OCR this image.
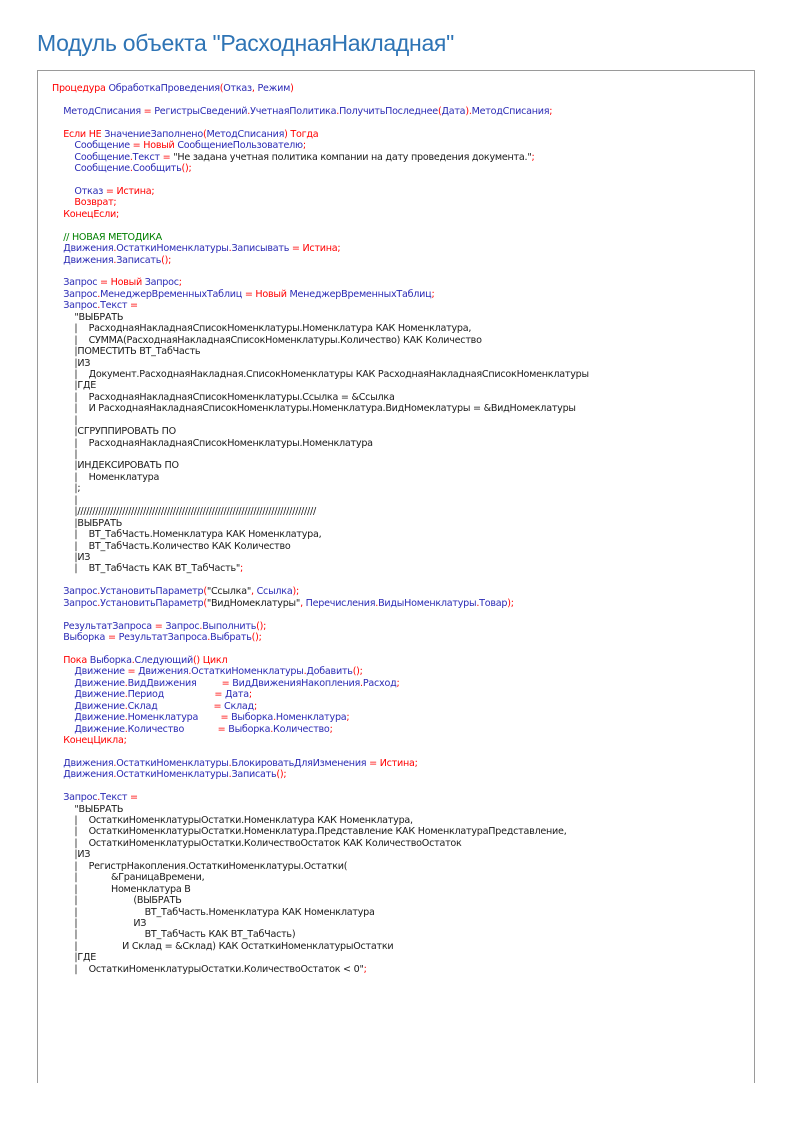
Модуль объекта "РасходнаяНакладная"
Процедура ОбработкаПроведения(Отказ, Режим)

МетодСписания = РегистрыСведений.УчетнаяПолитика.ПолучитьПоследнее(Дата).МетодСписания;

Если НЕ ЗначениеЗаполнено(МетодСписания) Тогда
Сообщение = Новый СообщениеПользователю;
Сообщение.Текст = "Не задана учетная политика компании на дату проведения документа.";
Сообщение.Сообщить();

Отказ = Истина;
Возврат;
КонецЕсли;

// НОВАЯ МЕТОДИКА
Движения.ОстаткиНоменклатуры.Записывать = Истина;
Движения.Записать();

Запрос = Новый Запрос;
Запрос.МенеджерВременныхТаблиц = Новый МенеджерВременныхТаблиц;
Запрос.Текст =
"ВЫБРАТЬ
|    РасходнаяНакладнаяСписокНоменклатуры.Номенклатура КАК Номенклатура,
|    СУММА(РасходнаяНакладнаяСписокНоменклатуры.Количество) КАК Количество
|ПОМЕСТИТЬ ВТ_ТабЧасть
|ИЗ
|    Документ.РасходнаяНакладная.СписокНоменклатуры КАК РасходнаяНакладнаяСписокНоменклатуры
|ГДЕ
|    РасходнаяНакладнаяСписокНоменклатуры.Ссылка = &Ссылка
|    И РасходнаяНакладнаяСписокНоменклатуры.Номенклатура.ВидНомеклатуры = &ВидНомеклатуры
|
|СГРУППИРОВАТЬ ПО
|    РасходнаяНакладнаяСписокНоменклатуры.Номенклатура
|
|ИНДЕКСИРОВАТЬ ПО
|    Номенклатура
|;
|
|////////////////////////////////////////////////////////////////////////////////
|ВЫБРАТЬ
|    ВТ_ТабЧасть.Номенклатура КАК Номенклатура,
|    ВТ_ТабЧасть.Количество КАК Количество
|ИЗ
|    ВТ_ТабЧасть КАК ВТ_ТабЧасть";

Запрос.УстановитьПараметр("Ссылка", Ссылка);
Запрос.УстановитьПараметр("ВидНомеклатуры", Перечисления.ВидыНоменклатуры.Товар);

РезультатЗапроса = Запрос.Выполнить();
Выборка = РезультатЗапроса.Выбрать();

Пока Выборка.Следующий() Цикл
Движение = Движения.ОстаткиНоменклатуры.Добавить();
Движение.ВидДвижения         = ВидДвиженияНакопления.Расход;
Движение.Период                  = Дата;
Движение.Склад                    = Склад;
Движение.Номенклатура        = Выборка.Номенклатура;
Движение.Количество            = Выборка.Количество;
КонецЦикла;

Движения.ОстаткиНоменклатуры.БлокироватьДляИзменения = Истина;
Движения.ОстаткиНоменклатуры.Записать();

Запрос.Текст =
"ВЫБРАТЬ
|    ОстаткиНоменклатурыОстатки.Номенклатура КАК Номенклатура,
|    ОстаткиНоменклатурыОстатки.Номенклатура.Представление КАК НоменклатураПредставление,
|    ОстаткиНоменклатурыОстатки.КоличествоОстаток КАК КоличествоОстаток
|ИЗ
|    РегистрНакопления.ОстаткиНоменклатуры.Остатки(
|            &ГраницаВремени,
|            Номенклатура В
|                    (ВЫБРАТЬ
|                        ВТ_ТабЧасть.Номенклатура КАК Номенклатура
|                    ИЗ
|                        ВТ_ТабЧасть КАК ВТ_ТабЧасть)
|                И Склад = &Склад) КАК ОстаткиНоменклатурыОстатки
|ГДЕ
|    ОстаткиНоменклатурыОстатки.КоличествоОстаток < 0";
